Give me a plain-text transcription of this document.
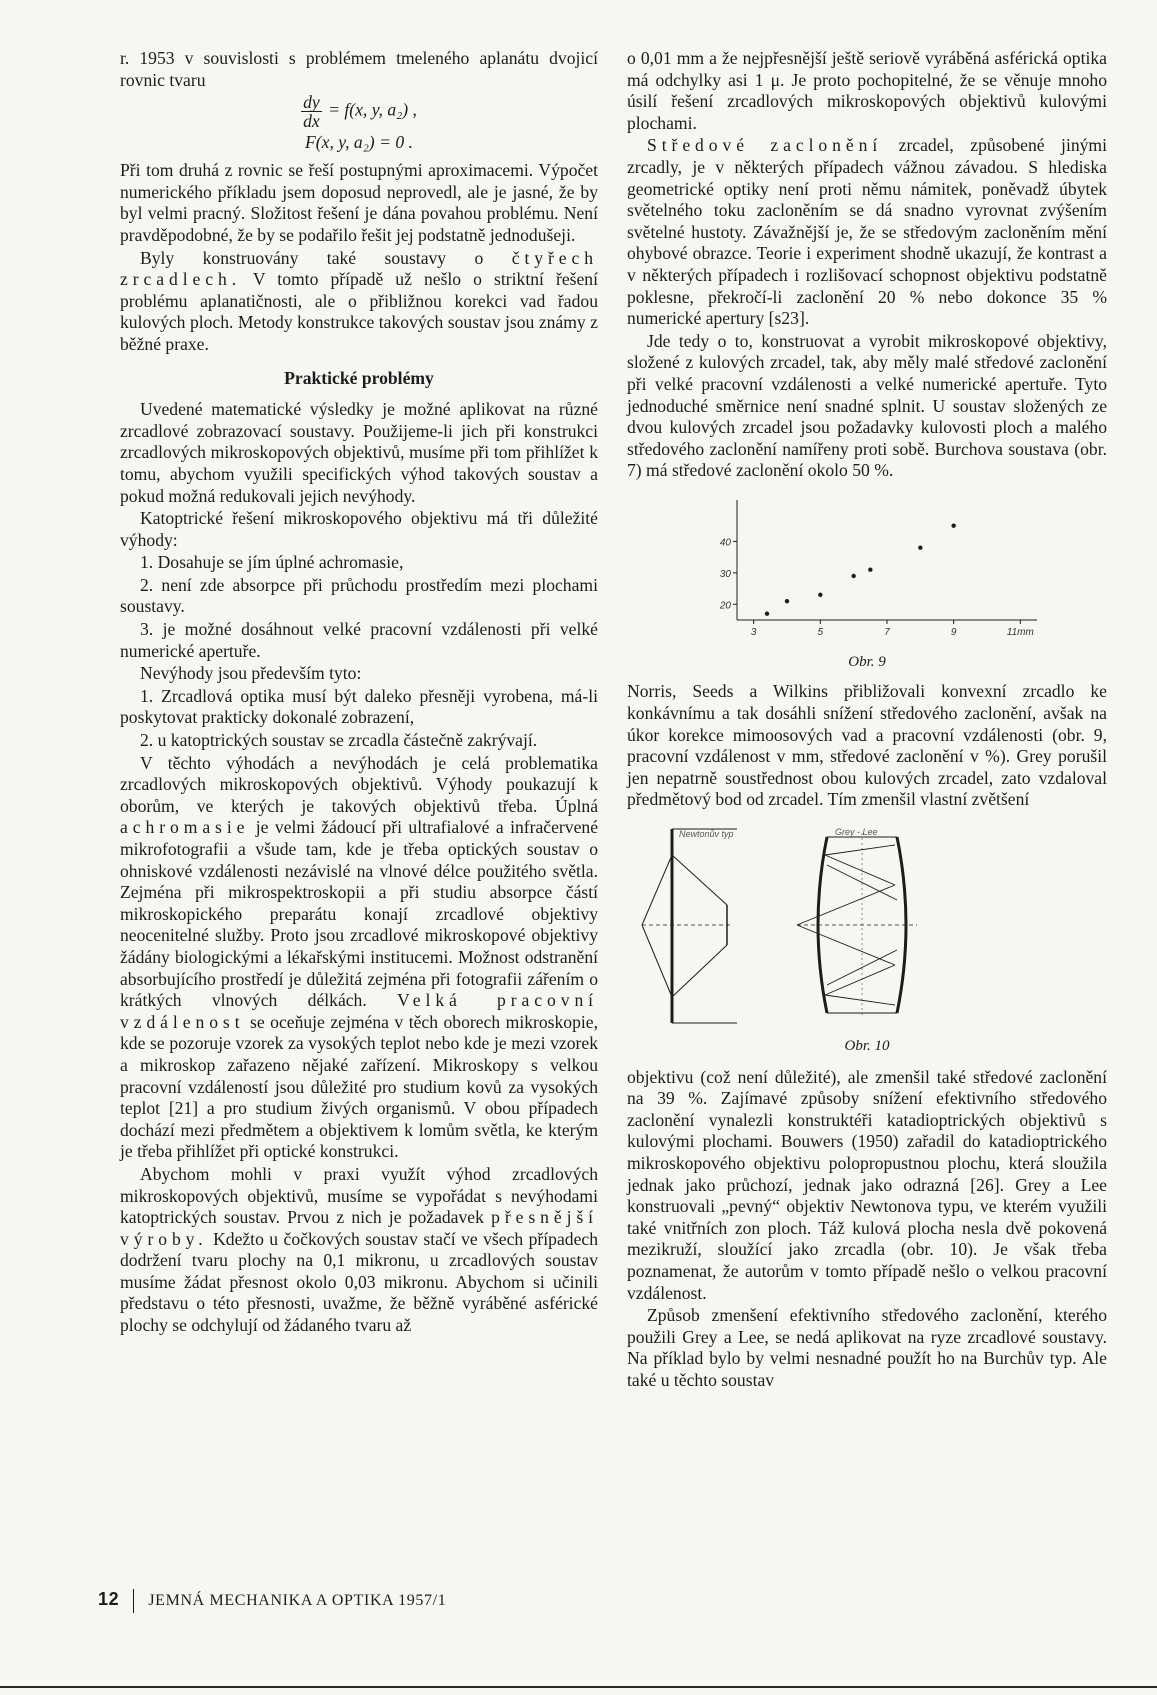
r. 1953 v souvislosti s problémem tmeleného aplanátu dvojicí rovnic tvaru

$\frac{dy}{dx} = f(x$, y, a₂) ,
F(x, y, a₂) = 0 .

Při tom druhá z rovnic se řeší postupnými aproximacemi. Výpočet numerického příkladu jsem doposud neprovedl, ale je jasné, že by byl velmi pracný. Složitost řešení je dána povahou problému. Není pravděpodobné, že by se podařilo řešit jej podstatně jednodušeji.

Byly konstruovány také soustavy o čtyřech zrcadlech. V tomto případě už nešlo o striktní řešení problému aplanatičnosti, ale o přibližnou korekci vad řadou kulových ploch. Metody konstrukce takových soustav jsou známy z běžné praxe.

Praktické problémy

Uvedené matematické výsledky je možné aplikovat na různé zrcadlové zobrazovací soustavy. Použijeme-li jich při konstrukci zrcadlových mikroskopových objektivů, musíme při tom přihlížet k tomu, abychom využili specifických výhod takových soustav a pokud možná redukovali jejich nevýhody.

Katoptrické řešení mikroskopového objektivu má tři důležité výhody:

1. Dosahuje se jím úplné achromasie,

2. není zde absorpce při průchodu prostředím mezi plochami soustavy.

3. je možné dosáhnout velké pracovní vzdálenosti při velké numerické apertuře.

Nevýhody jsou především tyto:

1. Zrcadlová optika musí být daleko přesněji vyrobena, má-li poskytovat prakticky dokonalé zobrazení,

2. u katoptrických soustav se zrcadla částečně zakrývají.

V těchto výhodách a nevýhodách je celá problematika zrcadlových mikroskopových objektivů. Výhody poukazují k oborům, ve kterých je takových objektivů třeba. Úplná achromasie je velmi žádoucí při ultrafialové a infračervené mikrofotografii a všude tam, kde je třeba optických soustav o ohniskové vzdálenosti nezávislé na vlnové délce použitého světla. Zejména při mikrospektroskopii a při studiu absorpce částí mikroskopického preparátu konají zrcadlové objektivy neocenitelné služby. Proto jsou zrcadlové mikroskopové objektivy žádány biologickými a lékařskými institucemi. Možnost odstranění absorbujícího prostředí je důležitá zejména při fotografii zářením o krátkých vlnových délkách. Velká pracovní vzdálenost se oceňuje zejména v těch oborech mikroskopie, kde se pozoruje vzorek za vysokých teplot nebo kde je mezi vzorek a mikroskop zařazeno nějaké zařízení. Mikroskopy s velkou pracovní vzdáleností jsou důležité pro studium kovů za vysokých teplot [21] a pro studium živých organismů. V obou případech dochází mezi předmětem a objektivem k lomům světla, ke kterým je třeba přihlížet při optické konstrukci.

Abychom mohli v praxi využít výhod zrcadlových mikroskopových objektivů, musíme se vypořádat s nevýhodami katoptrických soustav. Prvou z nich je požadavek přesnější výroby. Kdežto u čočkových soustav stačí ve všech případech dodržení tvaru plochy na 0,1 mikronu, u zrcadlových soustav musíme žádat přesnost okolo 0,03 mikronu. Abychom si učinili představu o této přesnosti, uvažme, že běžně vyráběné asférické plochy se odchylují od žádaného tvaru až

o 0,01 mm a že nejpřesnější ještě seriově vyráběná asférická optika má odchylky asi 1 μ. Je proto pochopitelné, že se věnuje mnoho úsilí řešení zrcadlových mikroskopových objektivů kulovými plochami.

Středové zaclonění zrcadel, způsobené jinými zrcadly, je v některých případech vážnou závadou. S hlediska geometrické optiky není proti němu námitek, poněvadž úbytek světelného toku zacloněním se dá snadno vyrovnat zvýšením světelné hustoty. Závažnější je, že se středovým zacloněním mění ohybové obrazce. Teorie i experiment shodně ukazují, že kontrast a v některých případech i rozlišovací schopnost objektivu podstatně poklesne, překročí-li zaclonění 20 % nebo dokonce 35 % numerické apertury [s23].

Jde tedy o to, konstruovat a vyrobit mikroskopové objektivy, složené z kulových zrcadel, tak, aby měly malé středové zaclonění při velké pracovní vzdálenosti a velké numerické apertuře. Tyto jednoduché směrnice není snadné splnit. U soustav složených ze dvou kulových zrcadel jsou požadavky kulovosti ploch a malého středového zaclonění namířeny proti sobě. Burchova soustava (obr. 7) má středové zaclonění okolo 50 %.

3	5	7	9	11mm
20
30
40
Obr. 9

Norris, Seeds a Wilkins přibližovali konvexní zrcadlo ke konkávnímu a tak dosáhli snížení středového zaclonění, avšak na úkor korekce mimoosových vad a pracovní vzdálenosti (obr. 9, pracovní vzdálenost v mm, středové zaclonění v %). Grey porušil jen nepatrně soustřednost obou kulových zrcadel, zato vzdaloval předmětový bod od zrcadel. Tím zmenšil vlastní zvětšení

Newtonův typ	Grey - Lee
Obr. 10

objektivu (což není důležité), ale zmenšil také středové zaclonění na 39 %. Zajímavé způsoby snížení efektivního středového zaclonění vynalezli konstruktéři katadioptrických objektivů s kulovými plochami. Bouwers (1950) zařadil do katadioptrického mikroskopového objektivu polopropustnou plochu, která sloužila jednak jako průchozí, jednak jako odrazná [26]. Grey a Lee konstruovali „pevný“ objektiv Newtonova typu, ve kterém využili také vnitřních zon ploch. Táž kulová plocha nesla dvě pokovená mezikruží, sloužící jako zrcadla (obr. 10). Je však třeba poznamenat, že autorům v tomto případě nešlo o velkou pracovní vzdálenost.

Způsob zmenšení efektivního středového zaclonění, kterého použili Grey a Lee, se nedá aplikovat na ryze zrcadlové soustavy. Na příklad bylo by velmi nesnadné použít ho na Burchův typ. Ale také u těchto soustav

12 JEMNÁ MECHANIKA A OPTIKA 1957/1
